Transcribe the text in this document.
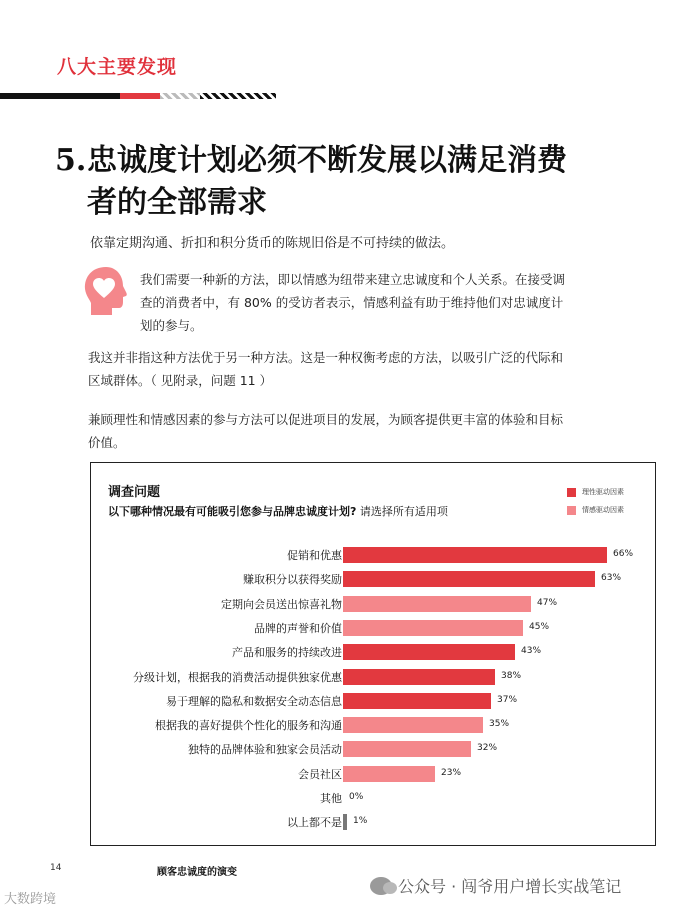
八大主要发现
5.忠诚度计划必须不断发展以满足消费
者的全部需求
依靠定期沟通、折扣和积分货币的陈规旧俗是不可持续的做法。
我们需要一种新的方法，即以情感为纽带来建立忠诚度和个人关系。在接受调查的消费者中，有 80% 的受访者表示，情感利益有助于维持他们对忠诚度计划的参与。
我这并非指这种方法优于另一种方法。这是一种权衡考虑的方法，以吸引广泛的代际和区域群体。（ 见附录，问题 11 ）
兼顾理性和情感因素的参与方法可以促进项目的发展，为顾客提供更丰富的体验和目标价值。
调查问题
以下哪种情况最有可能吸引您参与品牌忠诚度计划? 请选择所有适用项
理性驱动因素
情感驱动因素
促销和优惠	66%
赚取积分以获得奖励	63%
定期向会员送出惊喜礼物	47%
品牌的声誉和价值	45%
产品和服务的持续改进	43%
分级计划，根据我的消费活动提供独家优惠	38%
易于理解的隐私和数据安全动态信息	37%
根据我的喜好提供个性化的服务和沟通	35%
独特的品牌体验和独家会员活动	32%
会员社区	23%
其他 0%
以上都不是 1%
14	顾客忠诚度的演变
公众号 · 闯爷用户增长实战笔记
大数跨境
